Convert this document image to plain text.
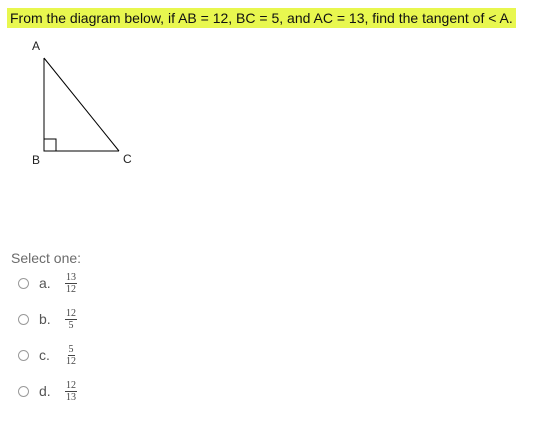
From the diagram below, if AB = 12, BC = 5, and AC = 13, find the tangent of < A.
A
B	C
Select one:
a.	$\frac{13}{12}$
b.	$\frac{12}{5}$
c.	$\frac{5}{12}$
d.	$\frac{12}{13}$
